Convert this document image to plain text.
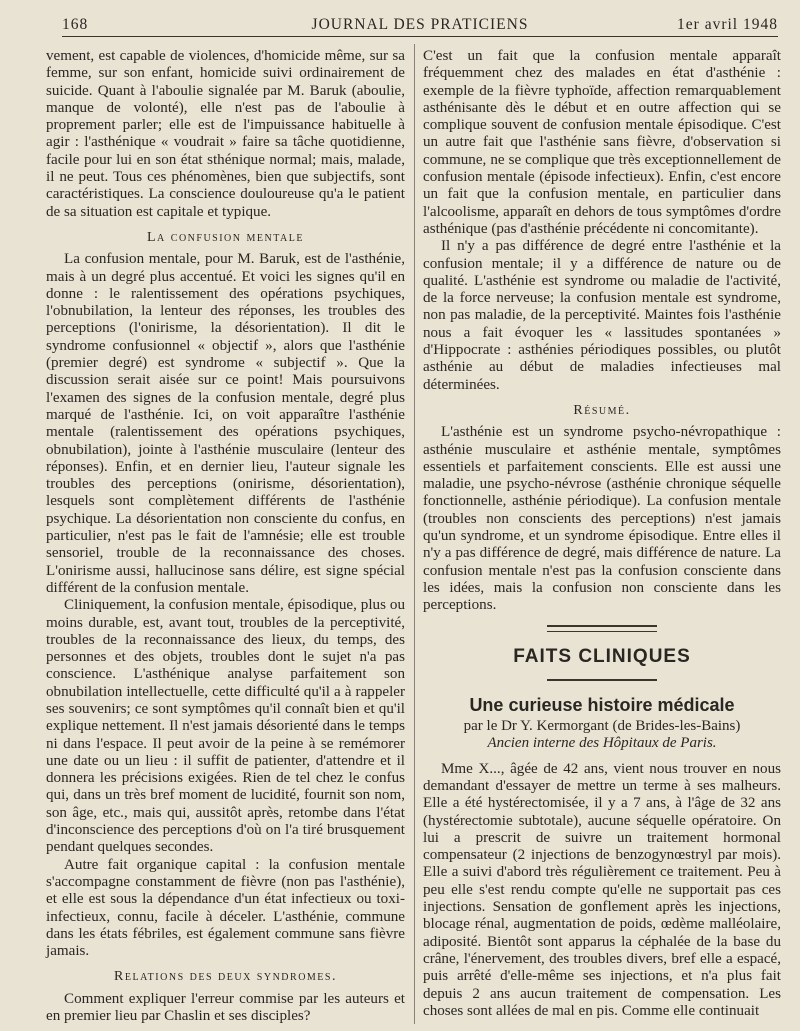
168	JOURNAL DES PRATICIENS	1er avril 1948

vement, est capable de violences, d'homicide même, sur sa femme, sur son enfant, homicide suivi ordinairement de suicide. Quant à l'aboulie signalée par M. Baruk (aboulie, manque de volonté), elle n'est pas de l'aboulie à proprement parler; elle est de l'impuissance habituelle à agir : l'asthénique « voudrait » faire sa tâche quotidienne, facile pour lui en son état sthénique normal; mais, malade, il ne peut. Tous ces phénomènes, bien que subjectifs, sont caractéristiques. La conscience douloureuse qu'a le patient de sa situation est capitale et typique.

La confusion mentale

La confusion mentale, pour M. Baruk, est de l'asthénie, mais à un degré plus accentué. Et voici les signes qu'il en donne : le ralentissement des opérations psychiques, l'obnubilation, la lenteur des réponses, les troubles des perceptions (l'onirisme, la désorientation). Il dit le syndrome confusionnel « objectif », alors que l'asthénie (premier degré) est syndrome « subjectif ». Que la discussion serait aisée sur ce point! Mais poursuivons l'examen des signes de la confusion mentale, degré plus marqué de l'asthénie. Ici, on voit apparaître l'asthénie mentale (ralentissement des opérations psychiques, obnubilation), jointe à l'asthénie musculaire (lenteur des réponses). Enfin, et en dernier lieu, l'auteur signale les troubles des perceptions (onirisme, désorientation), lesquels sont complètement différents de l'asthénie psychique. La désorientation non consciente du confus, en particulier, n'est pas le fait de l'amnésie; elle est trouble sensoriel, trouble de la reconnaissance des choses. L'onirisme aussi, hallucinose sans délire, est signe spécial différent de la confusion mentale.

Cliniquement, la confusion mentale, épisodique, plus ou moins durable, est, avant tout, troubles de la perceptivité, troubles de la reconnaissance des lieux, du temps, des personnes et des objets, troubles dont le sujet n'a pas conscience. L'asthénique analyse parfaitement son obnubilation intellectuelle, cette difficulté qu'il a à rappeler ses souvenirs; ce sont symptômes qu'il connaît bien et qu'il explique nettement. Il n'est jamais désorienté dans le temps ni dans l'espace. Il peut avoir de la peine à se remémorer une date ou un lieu : il suffit de patienter, d'attendre et il donnera les précisions exigées. Rien de tel chez le confus qui, dans un très bref moment de lucidité, fournit son nom, son âge, etc., mais qui, aussitôt après, retombe dans l'état d'inconscience des perceptions d'où on l'a tiré brusquement pendant quelques secondes.

Autre fait organique capital : la confusion mentale s'accompagne constamment de fièvre (non pas l'asthénie), et elle est sous la dépendance d'un état infectieux ou toxi-infectieux, connu, facile à déceler. L'asthénie, commune dans les états fébriles, est également commune sans fièvre jamais.

Relations des deux syndromes.

Comment expliquer l'erreur commise par les auteurs et en premier lieu par Chaslin et ses disciples?

C'est un fait que la confusion mentale apparaît fréquemment chez des malades en état d'asthénie : exemple de la fièvre typhoïde, affection remarquablement asthénisante dès le début et en outre affection qui se complique souvent de confusion mentale épisodique. C'est un autre fait que l'asthénie sans fièvre, d'observation si commune, ne se complique que très exceptionnellement de confusion mentale (épisode infectieux). Enfin, c'est encore un fait que la confusion mentale, en particulier dans l'alcoolisme, apparaît en dehors de tous symptômes d'ordre asthénique (pas d'asthénie précédente ni concomitante).

Il n'y a pas différence de degré entre l'asthénie et la confusion mentale; il y a différence de nature ou de qualité. L'asthénie est syndrome ou maladie de l'activité, de la force nerveuse; la confusion mentale est syndrome, non pas maladie, de la perceptivité. Maintes fois l'asthénie nous a fait évoquer les « lassitudes spontanées » d'Hippocrate : asthénies périodiques possibles, ou plutôt asthénie au début de maladies infectieuses mal déterminées.

Résumé.

L'asthénie est un syndrome psycho-névropathique : asthénie musculaire et asthénie mentale, symptômes essentiels et parfaitement conscients. Elle est aussi une maladie, une psycho-névrose (asthénie chronique séquelle fonctionnelle, asthénie périodique). La confusion mentale (troubles non conscients des perceptions) n'est jamais qu'un syndrome, et un syndrome épisodique. Entre elles il n'y a pas différence de degré, mais différence de nature. La confusion mentale n'est pas la confusion consciente dans les idées, mais la confusion non consciente dans les perceptions.

FAITS CLINIQUES
Une curieuse histoire médicale
par le Dr Y. Kermorgant (de Brides-les-Bains)
Ancien interne des Hôpitaux de Paris.

Mme X..., âgée de 42 ans, vient nous trouver en nous demandant d'essayer de mettre un terme à ses malheurs. Elle a été hystérectomisée, il y a 7 ans, à l'âge de 32 ans (hystérectomie subtotale), aucune séquelle opératoire. On lui a prescrit de suivre un traitement hormonal compensateur (2 injections de benzogynœstryl par mois). Elle a suivi d'abord très régulièrement ce traitement. Peu à peu elle s'est rendu compte qu'elle ne supportait pas ces injections. Sensation de gonflement après les injections, blocage rénal, augmentation de poids, œdème malléolaire, adiposité. Bientôt sont apparus la céphalée de la base du crâne, l'énervement, des troubles divers, bref elle a espacé, puis arrêté d'elle-même ses injections, et n'a plus fait depuis 2 ans aucun traitement de compensation. Les choses sont allées de mal en pis. Comme elle continuait
